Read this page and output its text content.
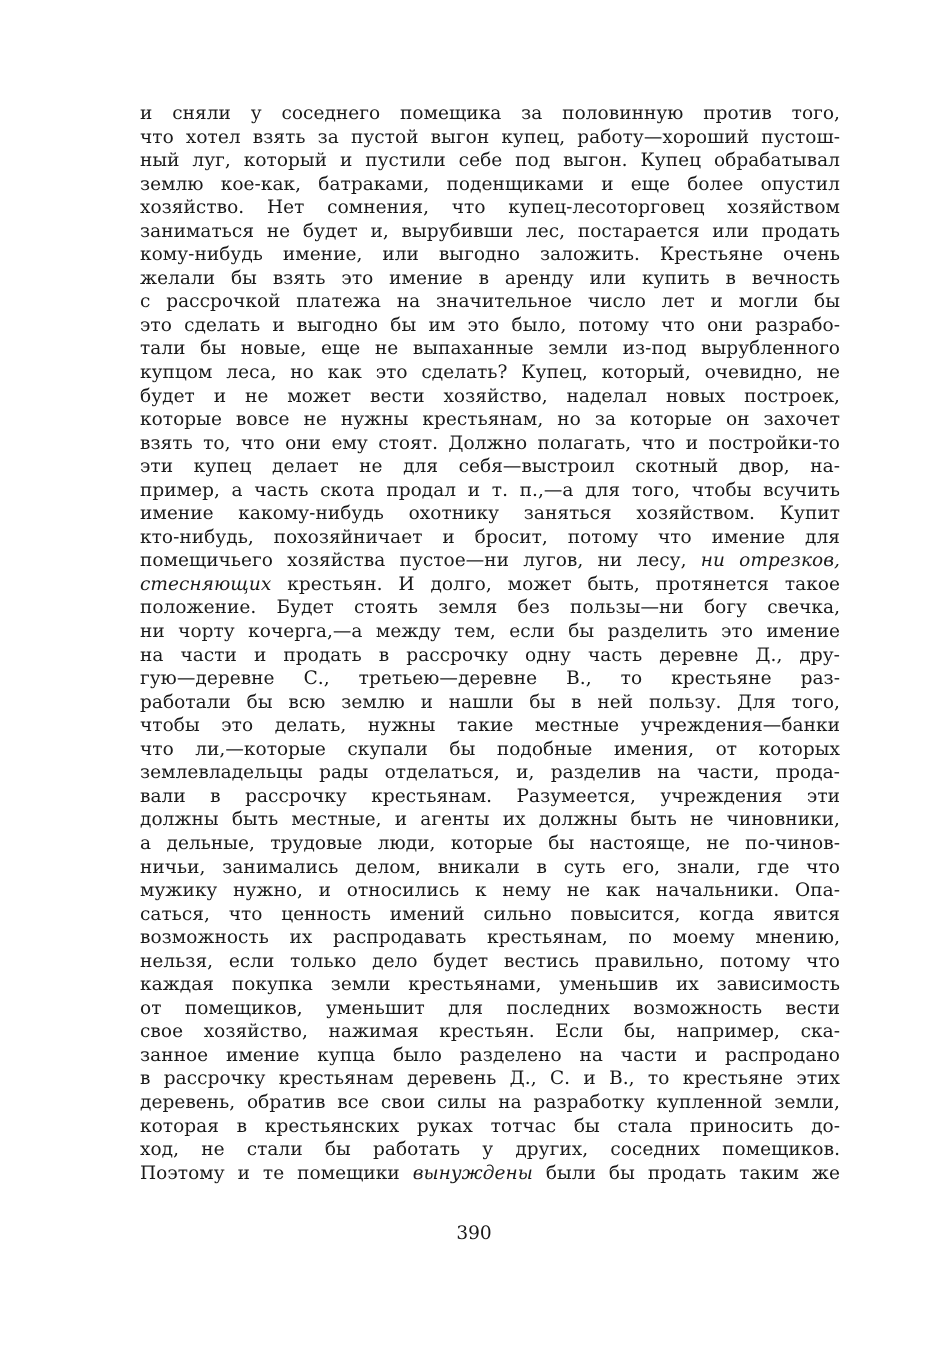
и сняли у соседнего помещика за половинную против того,
что хотел взять за пустой выгон купец, работу—хороший пустош-
ный луг, который и пустили себе под выгон. Купец обрабатывал
землю кое-как, батраками, поденщиками и еще более опустил
хозяйство. Нет сомнения, что купец-лесоторговец хозяйством
заниматься не будет и, вырубивши лес, постарается или продать
кому-нибудь имение, или выгодно заложить. Крестьяне очень
желали бы взять это имение в аренду или купить в вечность
с рассрочкой платежа на значительное число лет и могли бы
это сделать и выгодно бы им это было, потому что они разрабо-
тали бы новые, еще не выпаханные земли из-под вырубленного
купцом леса, но как это сделать? Купец, который, очевидно, не
будет и не может вести хозяйство, наделал новых построек,
которые вовсе не нужны крестьянам, но за которые он захочет
взять то, что они ему стоят. Должно полагать, что и постройки-то
эти купец делает не для себя—выстроил скотный двор, на-
пример, а часть скота продал и т. п.,—а для того, чтобы всучить
имение какому-нибудь охотнику заняться хозяйством. Купит
кто-нибудь, похозяйничает и бросит, потому что имение для
помещичьего хозяйства пустое—ни лугов, ни лесу, ни отрезков,
стесняющих крестьян. И долго, может быть, протянется такое
положение. Будет стоять земля без пользы—ни богу свечка,
ни чорту кочерга,—а между тем, если бы разделить это имение
на части и продать в рассрочку одну часть деревне Д., дру-
гую—деревне С., третьею—деревне В., то крестьяне раз-
работали бы всю землю и нашли бы в ней пользу. Для того,
чтобы это делать, нужны такие местные учреждения—банки
что ли,—которые скупали бы подобные имения, от которых
землевладельцы рады отделаться, и, разделив на части, прода-
вали в рассрочку крестьянам. Разумеется, учреждения эти
должны быть местные, и агенты их должны быть не чиновники,
а дельные, трудовые люди, которые бы настояще, не по-чинов-
ничьи, занимались делом, вникали в суть его, знали, где что
мужику нужно, и относились к нему не как начальники. Опа-
саться, что ценность имений сильно повысится, когда явится
возможность их распродавать крестьянам, по моему мнению,
нельзя, если только дело будет вестись правильно, потому что
каждая покупка земли крестьянами, уменьшив их зависимость
от помещиков, уменьшит для последних возможность вести
свое хозяйство, нажимая крестьян. Если бы, например, ска-
занное имение купца было разделено на части и распродано
в рассрочку крестьянам деревень Д., С. и В., то крестьяне этих
деревень, обратив все свои силы на разработку купленной земли,
которая в крестьянских руках тотчас бы стала приносить до-
ход, не стали бы работать у других, соседних помещиков.
Поэтому и те помещики вынуждены были бы продать таким же
390
